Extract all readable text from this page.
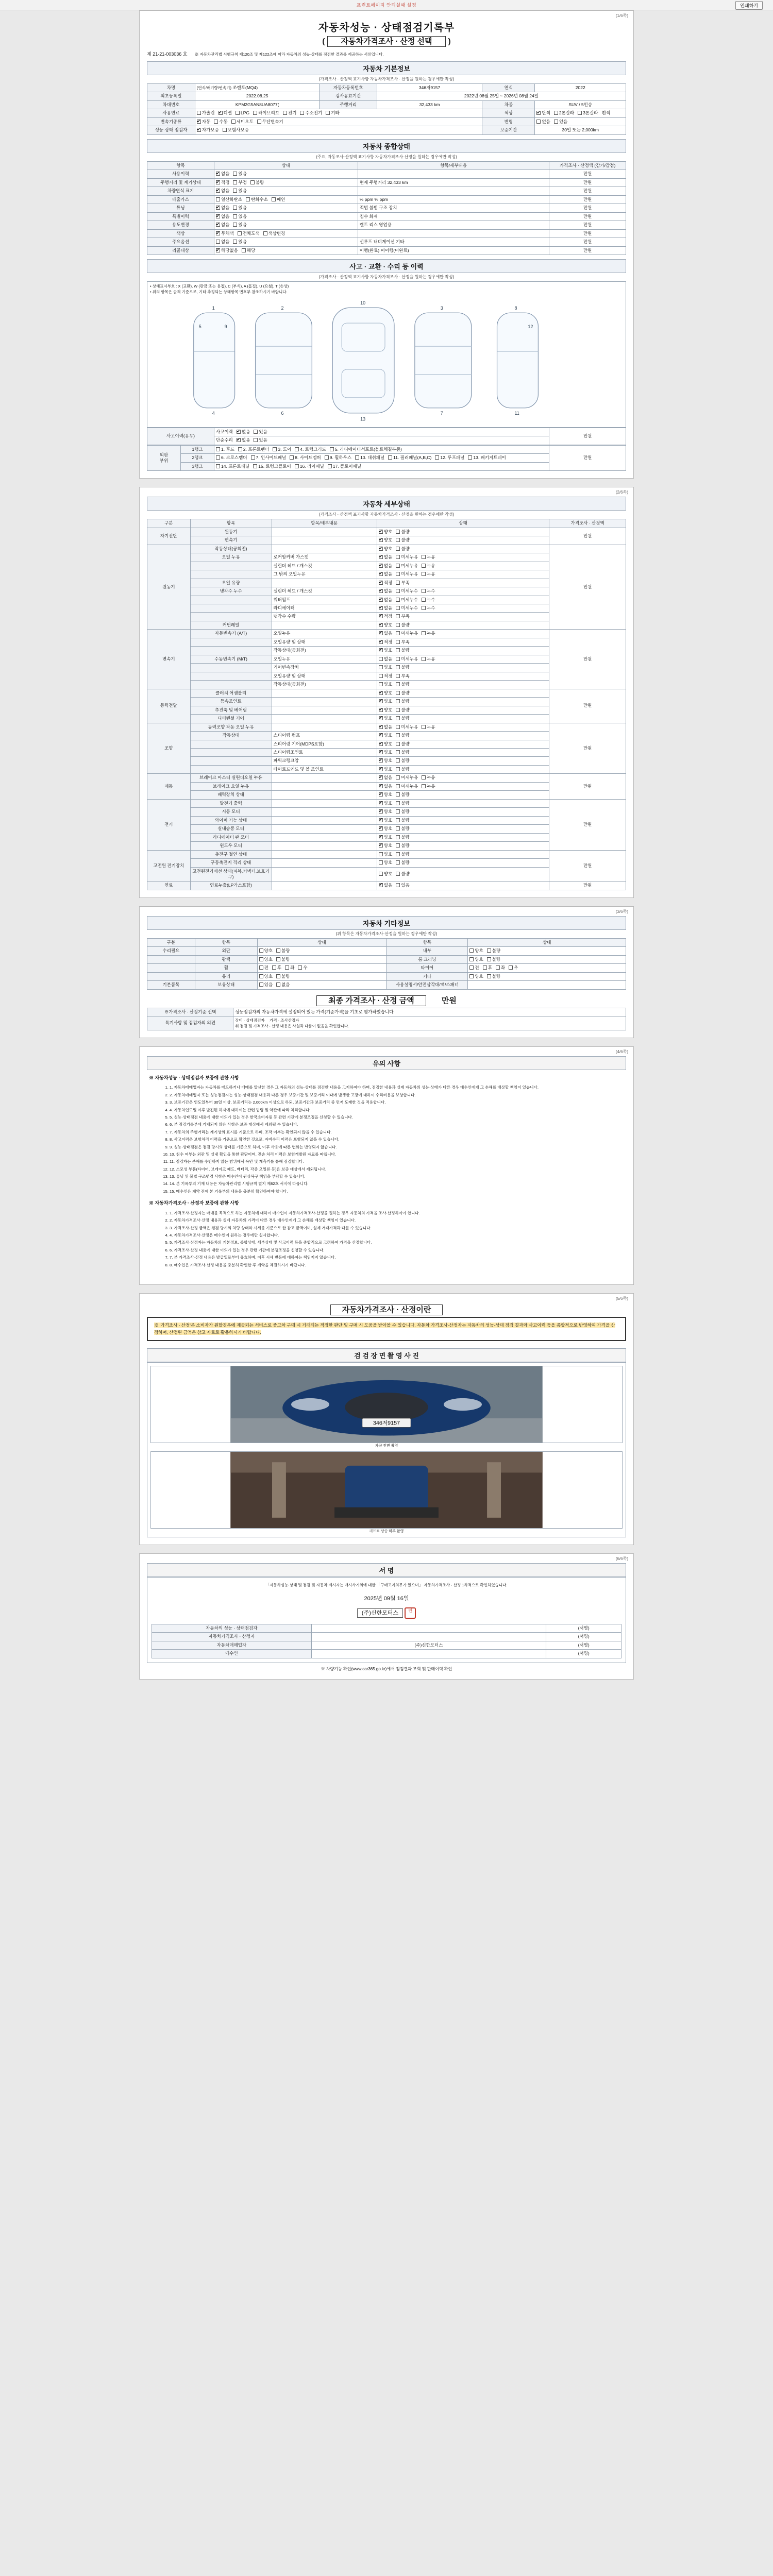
프린트페이지 안되실때 설정	인쇄하기
(1/6쪽)
자동차성능 · 상태점검기록부
( 자동차가격조사 · 산정 선택 )
제 21-21-003036 호 ※ 자동차관리법 시행규칙 제120조 및 제122조에 따라 자동차의 성능·상태를 점검한 결과를 제공하는 서류입니다.
자동차 기본정보
(가격조사 · 산정액 표기사항 자동차가격조사 · 산정을 원하는 경우에만 작성)
차명	(연식/배기량/변속기) 쏘렌토(MQ4)	자동차등록번호	346저9157	연식	2022
최초등록일	2022.08.25	검사유효기간	2022년 08월 25일 ~ 2026년 08월 24일		
차대번호	KPM2G5AN8UA8077(	주행거리	32,433 km	차종	SUV / 5인승
사용연료	가솔린 ✔ 디젤 LPG 하이브리드 전기 수소전기 기타			색상	✔단색 2톤칼라 3톤칼라 흰색
변속기종류	✔자동 수동 세미오토 무단변속기			변형	없음 있음
성능·상태 점검자	✔자가보증 보험사보증			보증기간	30일 또는 2,000km
자동차 종합상태
(주요, 자동조사·산정액 표기사항 자동차가격조사·산정을 원하는 경우에만 작성)
항목	상태	항목/세부내용	가격조사 · 산정액 (감가/감점)
사용이력	✔없음 있음		만원
주행거리 및 계기상태	✔적정 부정 불량	현재 주행거리 32,433 km	만원
차량연식 표기	✔없음 있음		만원
배출가스	일산화탄소 탄화수소 매연	% ppm % ppm	만원
튜닝	✔없음 있음	적법 불법 구조 장치	만원
특별이력	✔없음 있음	침수 화재	만원
용도변경	✔없음 있음	렌트 리스 영업용	만원
색상	✔무채색 전체도색 색상변경		만원
주요옵션	없음 있음	선루프 내비게이션 기타	만원
리콜대상	✔해당없음 해당	이행(완료) 미이행(미완료)	만원
사고 · 교환 · 수리 등 이력
(가격조사 · 산정액 표기사항 자동차가격조사 · 산정을 원하는 경우에만 작성)
• 상태표시부호 : X (교환), W (판금 또는 용접), C (부식), A (흠집), U (요철), T (손상)
• 위의 항목은 골격 기준으로, 기타 추정되는 상태항목 번호부 참조하시기 바랍니다.
1
4
2
6
10
13
3
7
8
11
5	9	12
사고이력(유무)	사고이력 ✔ 없음 있음	만원
단순수리 ✔ 없음 있음
외판
부위	1랭크	1. 후드 2. 프론트펜더 3. 도어 4. 트렁크리드 5. 라디에이터서포트(볼트체결부품)	만원
	2랭크	6. 크로스멤버 7. 인사이드패널 8. 사이드멤버 9. 휠하우스 10. 대쉬패널 11. 필러패널(A,B,C) 12. 루프패널 13. 패키지트레이	
	3랭크	14. 프론트패널 15. 트렁크플로어 16. 리어패널 17. 플로어패널	
(2/6쪽)
자동차 세부상태
(가격조사 · 산정액 표기사항 자동차가격조사 · 산정을 원하는 경우에만 작성)
구분	항목	항목/세부내용	상태	가격조사 · 산정액
자기진단	원동기		✔양호 불량	만원
	변속기		✔양호 불량
원동기	작동상태(공회전)		✔양호 불량	만원
	오일 누유	로커암커버 가스켓	✔없음 미세누유 누유
		실린더 헤드 / 개스킷	✔없음 미세누유 누유
		그 밖의 오일누유	✔없음 미세누유 누유
	오일 유량		✔적정 부족
	냉각수 누수	실린더 헤드 / 개스킷	✔없음 미세누수 누수
		워터펌프	✔없음 미세누수 누수
		라디에이터	✔없음 미세누수 누수
		냉각수 수량	✔적정 부족
	커먼레일		✔양호 불량
변속기	자동변속기 (A/T)	오일누유	✔없음 미세누유 누유	만원
		오일유량 및 상태	✔적정 부족
		작동상태(공회전)	✔양호 불량
	수동변속기 (M/T)	오일누유	없음 미세누유 누유	
		기어변속장치	양호 불량	
		오일유량 및 상태	적정 부족	
		작동상태(공회전)	양호 불량	
동력전달	클러치 어셈블리		✔양호 불량	만원
	등속조인트		✔양호 불량
	추진축 및 베어링		✔양호 불량
	디퍼렌셜 기어		✔양호 불량
조향	동력조향 작동 오일 누유		✔없음 미세누유 누유	만원
	작동상태	스티어링 펌프	✔양호 불량
		스티어링 기어(MDPS포함)	✔양호 불량
		스티어링조인트	✔양호 불량
		파워크랭크암	✔양호 불량
		타이로드엔드 및 볼 조인트	✔양호 불량
제동	브레이크 마스터 실린더오일 누유		✔없음 미세누유 누유	만원
	브레이크 오일 누유		✔없음 미세누유 누유
	배력장치 상태		✔양호 불량
전기	발전기 출력		✔양호 불량	만원
	시동 모터		✔양호 불량
	와이퍼 기능 상태		✔양호 불량
	실내송풍 모터		✔양호 불량
	라디에이터 팬 모터		✔양호 불량
	윈도우 모터		✔양호 불량
고전원 전기장치	충전구 절연 상태		양호 불량	만원
	구동축전지 격리 상태		양호 불량	
	고전원전기배선 상태(피복,커넥터,보호기구)		양호 불량	
연료	연료누출(LP가스포함)		✔없음 있음	만원
(3/6쪽)
자동차 기타정보
(위 항목은 자동차가격조사·산정을 원하는 경우에만 작성)
구분	항목	상태	항목	상태
수리필요	외판	양호 불량	내부	양호 불량
	광택	양호 불량	룸 크리닝	양호 불량
	휠	전 후 좌 우	타이어	전 후 좌 우
	유리	양호 불량	기타	양호 불량
기본품목	보유상태	있음 없음	사용설명서/안전삼각대/잭/스패너	
최종 가격조사 · 산정 금액	만원
※가격조사 · 산정기준 선택	성능점검자의 자동차가격에 설정되어 있는 가격(기준가격)을 기초로 평가하였습니다.
특기사항 및 점검자의 의견	장비 · 상태점검자 가격 · 조사산정자
위 점검 및 가격조사 · 산정 내용은 사실과 다름이 없음을 확인합니다.
(4/6쪽)
유의 사항
※ 자동차성능 · 상태점검자 보증에 관한 사항
1. 1. 자동차매매업자는 자동차를 매도하거나 매매를 알선한 경우 그 자동차의 성능·상태를 점검한 내용을 고지하여야 하며, 점검한 내용과 실제 자동차의 성능·상태가 다른 경우 매수인에게 그 손해를 배상할 책임이 있습니다.
2. 2. 자동차매매업자 또는 성능점검자는 성능·상태점검 내용과 다른 경우 보증기간 및 보증거리 이내에 발생한 고장에 대하여 수리비용을 보상합니다.
3. 3. 보증기간은 인도일부터 30일 이상, 보증거리는 2,000km 이상으로 하되, 보증기간과 보증거리 중 먼저 도래한 것을 적용합니다.
4. 4. 자동차인도일 이후 발견된 하자에 대하여는 관련 법령 및 약관에 따라 처리합니다.
5. 5. 성능·상태점검 내용에 대한 이의가 있는 경우 한국소비자원 등 관련 기관에 분쟁조정을 신청할 수 있습니다.
6. 6. 본 점검기록부에 기재되지 않은 사항은 보증 대상에서 제외될 수 있습니다.
7. 7. 자동차의 주행거리는 계기상의 표시를 기준으로 하며, 조작 여부는 확인되지 않을 수 있습니다.
8. 8. 사고이력은 보험처리 이력을 기준으로 확인한 것으로, 자비수리 이력은 포함되지 않을 수 있습니다.
9. 9. 성능·상태점검은 점검 당시의 상태를 기준으로 하며, 이후 사용에 따른 변화는 반영되지 않습니다.
10. 10. 침수 여부는 외관 및 실내 확인을 통한 판단이며, 전손 처리 이력은 보험개발원 자료를 따릅니다.
11. 11. 점검자는 분해를 수반하지 않는 범위에서 육안 및 계측기를 통해 점검합니다.
12. 12. 소모성 부품(타이어, 브레이크 패드, 배터리, 각종 오일류 등)은 보증 대상에서 제외됩니다.
13. 13. 튜닝 및 불법 구조변경 사항은 매수인이 원상복구 책임을 부담할 수 있습니다.
14. 14. 본 기록부의 기재 내용은 자동차관리법 시행규칙 별지 제82호 서식에 따릅니다.
15. 15. 매수인은 계약 전에 본 기록부의 내용을 충분히 확인하여야 합니다.
※ 자동차가격조사 · 산정자 보증에 관한 사항
1. 1. 가격조사·산정자는 매매를 목적으로 하는 자동차에 대하여 매수인이 자동차가격조사·산정을 원하는 경우 자동차의 가격을 조사·산정하여야 합니다.
2. 2. 자동차가격조사·산정 내용과 실제 자동차의 가격이 다른 경우 매수인에게 그 손해를 배상할 책임이 있습니다.
3. 3. 가격조사·산정 금액은 점검 당시의 차량 상태와 시세를 기준으로 한 참고 금액이며, 실제 거래가격과 다를 수 있습니다.
4. 4. 자동차가격조사·산정은 매수인이 원하는 경우에만 실시합니다.
5. 5. 가격조사·산정자는 자동차의 기본정보, 종합상태, 세부상태 및 사고이력 등을 종합적으로 고려하여 가격을 산정합니다.
6. 6. 가격조사·산정 내용에 대한 이의가 있는 경우 관련 기관에 분쟁조정을 신청할 수 있습니다.
7. 7. 본 가격조사·산정 내용은 발급일로부터 유효하며, 이후 시세 변동에 대하여는 책임지지 않습니다.
8. 8. 매수인은 가격조사·산정 내용을 충분히 확인한 후 계약을 체결하시기 바랍니다.
(5/6쪽)
자동차가격조사 · 산정이란
※ '가격조사 · 산정'은 소비자가 원할경우에 제공되는 서비스로 중고차 구매 시 거래되는 적정한 판단 및 구매 시 도움을 받아볼 수 있습니다. 자동차 가격조사·산정자는 자동차의 성능·상태 점검 결과와 사고이력 등을 종합적으로 반영하여 가격을 산정하며, 산정된 금액은 참고 자료로 활용하시기 바랍니다.
검 검 장 면 촬 영 사 진
346저9157
차량 전면 촬영
리프트 상승 하부 촬영
(6/6쪽)
서 명
「자동차성능·상태 및 점검 및 자동차 제시자는 매시사기의에 대한 「구매고지의무가 있으며」 자동차가격조사 · 산정 1차적으로 확인하였습니다.
2025년 09월 16일
(주)신한모터스 인
자동차의 성능 · 상태점검자		(서명)
자동차가격조사 · 산정자		(서명)
자동차매매업자	(주)신한모터스	(서명)
매수인		(서명)
※ 차량기능 확인(www.car365.go.kr)에서 점검결과 조회 및 판매이력 확인
